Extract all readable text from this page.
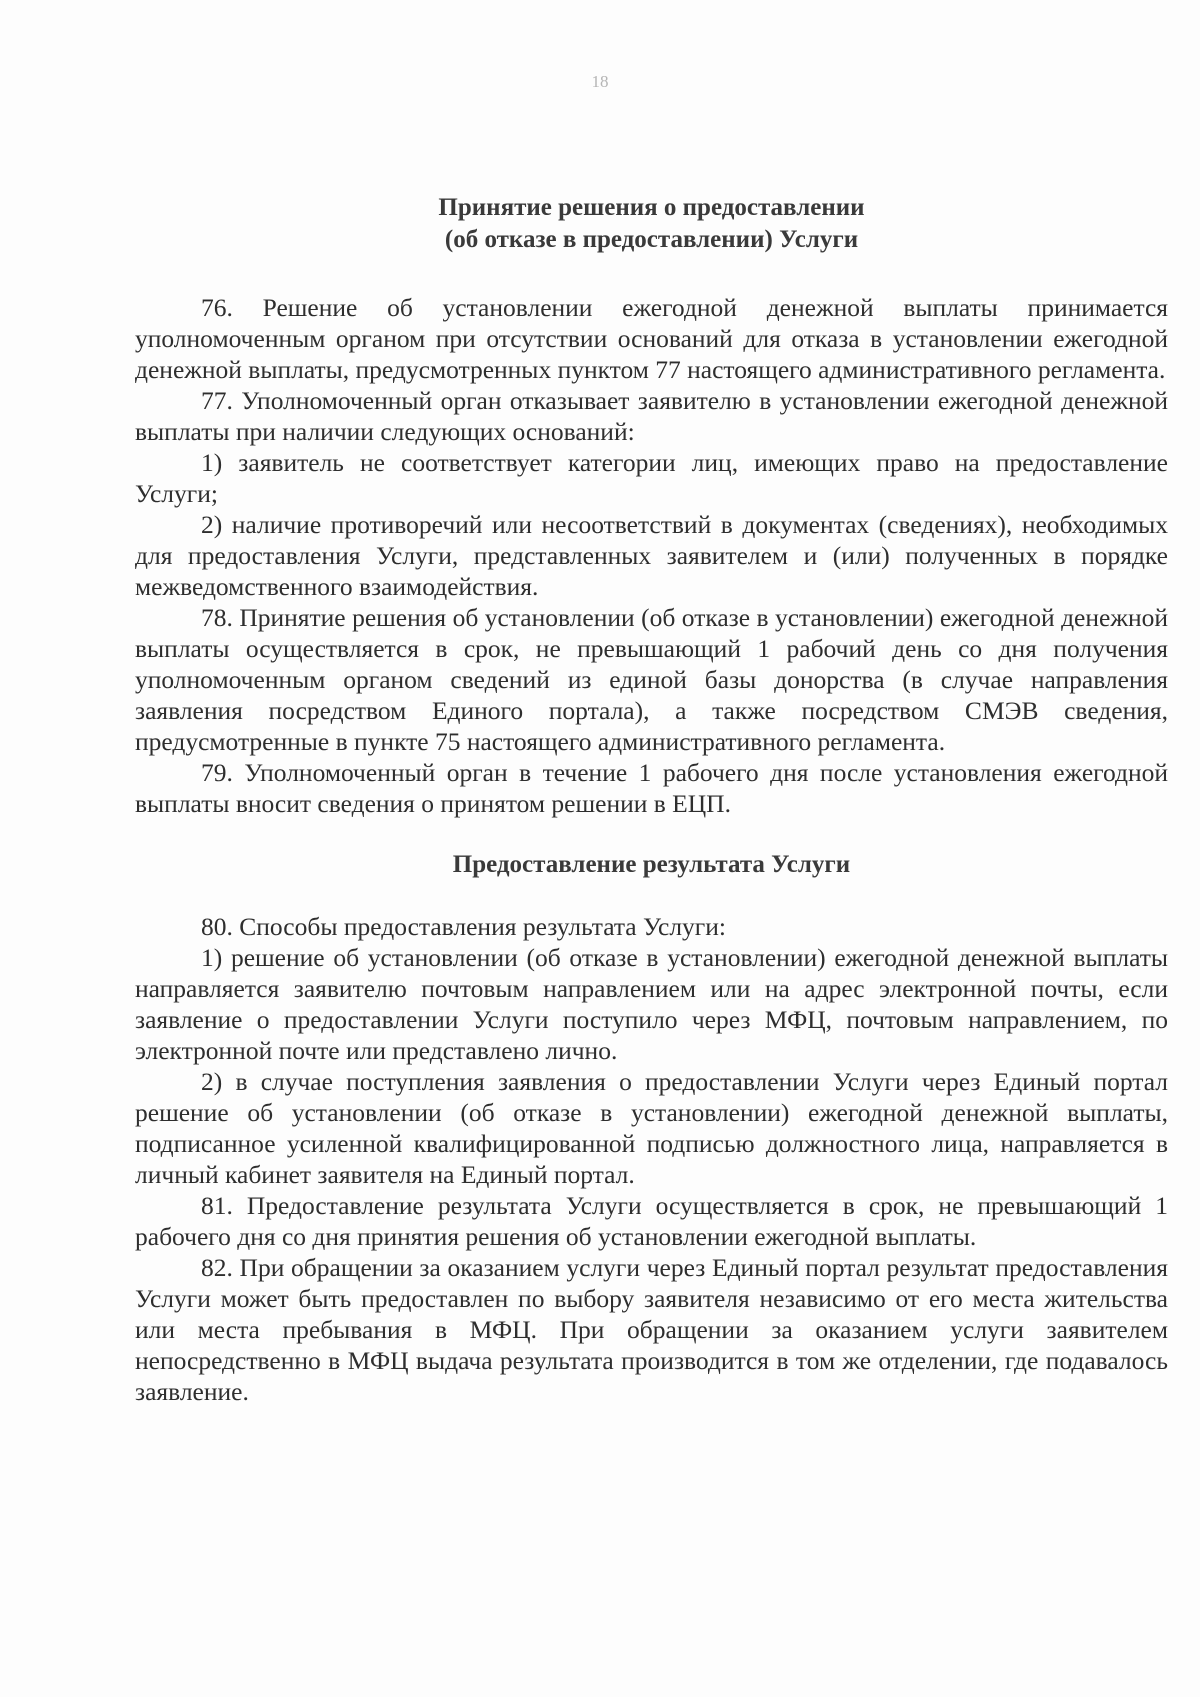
18
Принятие решения о предоставлении
(об отказе в предоставлении) Услуги

76. Решение об установлении ежегодной денежной выплаты принимается уполномоченным органом при отсутствии оснований для отказа в установлении ежегодной денежной выплаты, предусмотренных пунктом 77 настоящего административного регламента.

77. Уполномоченный орган отказывает заявителю в установлении ежегодной денежной выплаты при наличии следующих оснований:

1) заявитель не соответствует категории лиц, имеющих право на предоставление Услуги;

2) наличие противоречий или несоответствий в документах (сведениях), необходимых для предоставления Услуги, представленных заявителем и (или) полученных в порядке межведомственного взаимодействия.

78. Принятие решения об установлении (об отказе в установлении) ежегодной денежной выплаты осуществляется в срок, не превышающий 1 рабочий день со дня получения уполномоченным органом сведений из единой базы донорства (в случае направления заявления посредством Единого портала), а также посредством СМЭВ сведения, предусмотренные в пункте 75 настоящего административного регламента.

79. Уполномоченный орган в течение 1 рабочего дня после установления ежегодной выплаты вносит сведения о принятом решении в ЕЦП.

Предоставление результата Услуги

80. Способы предоставления результата Услуги:

1) решение об установлении (об отказе в установлении) ежегодной денежной выплаты направляется заявителю почтовым направлением или на адрес электронной почты, если заявление о предоставлении Услуги поступило через МФЦ, почтовым направлением, по электронной почте или представлено лично.

2) в случае поступления заявления о предоставлении Услуги через Единый портал решение об установлении (об отказе в установлении) ежегодной денежной выплаты, подписанное усиленной квалифицированной подписью должностного лица, направляется в личный кабинет заявителя на Единый портал.

81. Предоставление результата Услуги осуществляется в срок, не превышающий 1 рабочего дня со дня принятия решения об установлении ежегодной выплаты.

82. При обращении за оказанием услуги через Единый портал результат предоставления Услуги может быть предоставлен по выбору заявителя независимо от его места жительства или места пребывания в МФЦ. При обращении за оказанием услуги заявителем непосредственно в МФЦ выдача результата производится в том же отделении, где подавалось заявление.
